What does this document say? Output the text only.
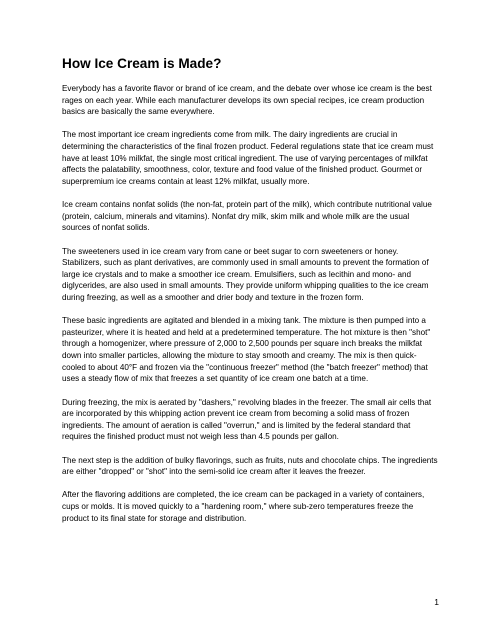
How Ice Cream is Made?

Everybody has a favorite flavor or brand of ice cream, and the debate over whose ice cream is the best rages on each year. While each manufacturer develops its own special recipes, ice cream production basics are basically the same everywhere.

The most important ice cream ingredients come from milk. The dairy ingredients are crucial in determining the characteristics of the final frozen product. Federal regulations state that ice cream must have at least 10% milkfat, the single most critical ingredient. The use of varying percentages of milkfat affects the palatability, smoothness, color, texture and food value of the finished product. Gourmet or superpremium ice creams contain at least 12% milkfat, usually more.

Ice cream contains nonfat solids (the non-fat, protein part of the milk), which contribute nutritional value (protein, calcium, minerals and vitamins). Nonfat dry milk, skim milk and whole milk are the usual sources of nonfat solids.

The sweeteners used in ice cream vary from cane or beet sugar to corn sweeteners or honey. Stabilizers, such as plant derivatives, are commonly used in small amounts to prevent the formation of large ice crystals and to make a smoother ice cream. Emulsifiers, such as lecithin and mono- and diglycerides, are also used in small amounts. They provide uniform whipping qualities to the ice cream during freezing, as well as a smoother and drier body and texture in the frozen form.

These basic ingredients are agitated and blended in a mixing tank. The mixture is then pumped into a pasteurizer, where it is heated and held at a predetermined temperature. The hot mixture is then "shot" through a homogenizer, where pressure of 2,000 to 2,500 pounds per square inch breaks the milkfat down into smaller particles, allowing the mixture to stay smooth and creamy. The mix is then quick-cooled to about 40°F and frozen via the "continuous freezer" method (the "batch freezer" method) that uses a steady flow of mix that freezes a set quantity of ice cream one batch at a time.

During freezing, the mix is aerated by "dashers," revolving blades in the freezer. The small air cells that are incorporated by this whipping action prevent ice cream from becoming a solid mass of frozen ingredients. The amount of aeration is called "overrun," and is limited by the federal standard that requires the finished product must not weigh less than 4.5 pounds per gallon.

The next step is the addition of bulky flavorings, such as fruits, nuts and chocolate chips. The ingredients are either "dropped" or "shot" into the semi-solid ice cream after it leaves the freezer.

After the flavoring additions are completed, the ice cream can be packaged in a variety of containers, cups or molds. It is moved quickly to a "hardening room," where sub-zero temperatures freeze the product to its final state for storage and distribution.

1
